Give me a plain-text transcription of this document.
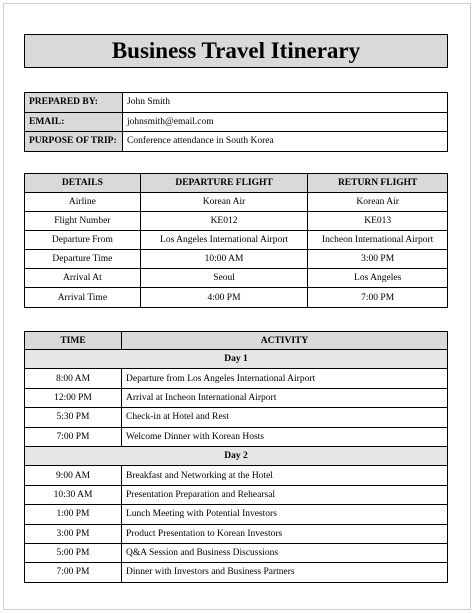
Business Travel Itinerary
PREPARED BY:	John Smith
EMAIL:	johnsmith@email.com
PURPOSE OF TRIP:	Conference attendance in South Korea
DETAILS	DEPARTURE FLIGHT	RETURN FLIGHT
Airline	Korean Air	Korean Air
Flight Number	KE012	KE013
Departure From	Los Angeles International Airport	Incheon International Airport
Departure Time	10:00 AM	3:00 PM
Arrival At	Seoul	Los Angeles
Arrival Time	4:00 PM	7:00 PM
TIME	ACTIVITY
Day 1	
8:00 AM	Departure from Los Angeles International Airport
12:00 PM	Arrival at Incheon International Airport
5:30 PM	Check-in at Hotel and Rest
7:00 PM	Welcome Dinner with Korean Hosts
Day 2	
9:00 AM	Breakfast and Networking at the Hotel
10:30 AM	Presentation Preparation and Rehearsal
1:00 PM	Lunch Meeting with Potential Investors
3:00 PM	Product Presentation to Korean Investors
5:00 PM	Q&A Session and Business Discussions
7:00 PM	Dinner with Investors and Business Partners
